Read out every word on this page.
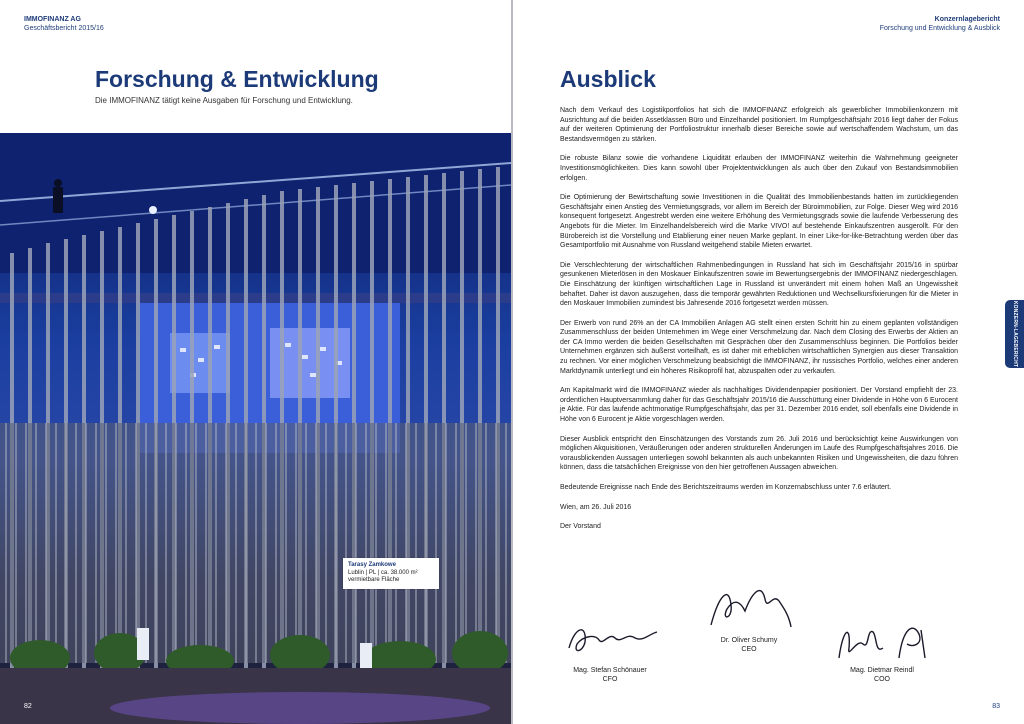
IMMOFINANZ AG
Geschäftsbericht 2015/16
Forschung & Entwicklung

Die IMMOFINANZ tätigt keine Ausgaben für Forschung und Entwicklung.

Tarasy Zamkowe
Lublin | PL | ca. 38.000 m²
vermietbare Fläche
82
Konzernlagebericht
Forschung und Entwicklung & Ausblick
Ausblick

Nach dem Verkauf des Logistikportfolios hat sich die IMMOFINANZ erfolgreich als gewerblicher Immobilienkonzern mit Ausrichtung auf die beiden Assetklassen Büro und Einzelhandel positioniert. Im Rumpfgeschäftsjahr 2016 liegt daher der Fokus auf der weiteren Optimierung der Portfoliostruktur innerhalb dieser Bereiche sowie auf wertschaffendem Wachstum, um das Bestandsvermögen zu stärken.

Die robuste Bilanz sowie die vorhandene Liquidität erlauben der IMMOFINANZ weiterhin die Wahrnehmung geeigneter Investitionsmöglichkeiten. Dies kann sowohl über Projektentwicklungen als auch über den Zukauf von Bestandsimmobilien erfolgen.

Die Optimierung der Bewirtschaftung sowie Investitionen in die Qualität des Immobilienbestands hatten im zurückliegenden Geschäftsjahr einen Anstieg des Vermietungsgrads, vor allem im Bereich der Büroimmobilien, zur Folge. Dieser Weg wird 2016 konsequent fortgesetzt. Angestrebt werden eine weitere Erhöhung des Vermietungsgrads sowie die laufende Verbesserung des Angebots für die Mieter. Im Einzelhandelsbereich wird die Marke VIVO! auf bestehende Einkaufszentren ausgerollt. Für den Bürobereich ist die Vorstellung und Etablierung einer neuen Marke geplant. In einer Like-for-like-Betrachtung werden über das Gesamtportfolio mit Ausnahme von Russland weitgehend stabile Mieten erwartet.

Die Verschlechterung der wirtschaftlichen Rahmenbedingungen in Russland hat sich im Geschäftsjahr 2015/16 in spürbar gesunkenen Mieterlösen in den Moskauer Einkaufszentren sowie im Bewertungsergebnis der IMMOFINANZ niedergeschlagen. Die Einschätzung der künftigen wirtschaftlichen Lage in Russland ist unverändert mit einem hohen Maß an Ungewissheit behaftet. Daher ist davon auszugehen, dass die temporär gewährten Reduktionen und Wechselkursfixierungen für die Mieter in den Moskauer Immobilien zumindest bis Jahresende 2016 fortgesetzt werden müssen.

Der Erwerb von rund 26% an der CA Immobilien Anlagen AG stellt einen ersten Schritt hin zu einem geplanten vollständigen Zusammenschluss der beiden Unternehmen im Wege einer Verschmelzung dar. Nach dem Closing des Erwerbs der Aktien an der CA Immo werden die beiden Gesellschaften mit Gesprächen über den Zusammenschluss beginnen. Die Portfolios beider Unternehmen ergänzen sich äußerst vorteilhaft, es ist daher mit erheblichen wirtschaftlichen Synergien aus dieser Transaktion zu rechnen. Vor einer möglichen Verschmelzung beabsichtigt die IMMOFINANZ, ihr russisches Portfolio, welches einer anderen Marktdynamik unterliegt und ein höheres Risikoprofil hat, abzuspalten oder zu verkaufen.

Am Kapitalmarkt wird die IMMOFINANZ wieder als nachhaltiges Dividendenpapier positioniert. Der Vorstand empfiehlt der 23. ordentlichen Hauptversammlung daher für das Geschäftsjahr 2015/16 die Ausschüttung einer Dividende in Höhe von 6 Eurocent je Aktie. Für das laufende achtmonatige Rumpfgeschäftsjahr, das per 31. Dezember 2016 endet, soll ebenfalls eine Dividende in Höhe von 6 Eurocent je Aktie vorgeschlagen werden.

Dieser Ausblick entspricht den Einschätzungen des Vorstands zum 26. Juli 2016 und berücksichtigt keine Auswirkungen von möglichen Akquisitionen, Veräußerungen oder anderen strukturellen Änderungen im Laufe des Rumpfgeschäftsjahres 2016. Die vorausblickenden Aussagen unterliegen sowohl bekannten als auch unbekannten Risiken und Ungewissheiten, die dazu führen können, dass die tatsächlichen Ereignisse von den hier getroffenen Aussagen abweichen.

Bedeutende Ereignisse nach Ende des Berichtszeitraums werden im Konzernabschluss unter 7.6 erläutert.

Wien, am 26. Juli 2016

Der Vorstand

Mag. Stefan Schönauer
CFO
Dr. Oliver Schumy
CEO
Mag. Dietmar Reindl
COO
KONZERN-LAGEBERICHT
83
